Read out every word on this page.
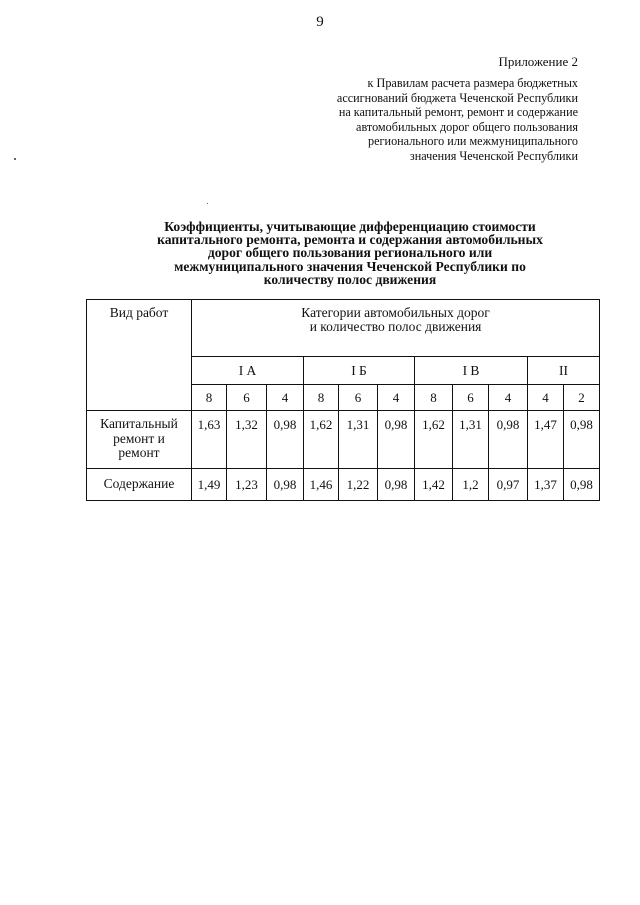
9
Приложение 2
к Правилам расчета размера бюджетных
ассигнований бюджета Чеченской Республики
на капитальный ремонт, ремонт и содержание
автомобильных дорог общего пользования
регионального или межмуниципального
значения Чеченской Республики
Коэффициенты, учитывающие дифференциацию стоимости
капитального ремонта, ремонта и содержания автомобильных
дорог общего пользования регионального или
межмуниципального значения Чеченской Республики по
количеству полос движения
Вид работ	Категории автомобильных дорог
и количество полос движения										

	I А			I Б			I В			II	
	8	6	4	8	6	4	8	6	4	4	2

Капитальный
ремонт и
ремонт	1,63	1,32	0,98	1,62	1,31	0,98	1,62	1,31	0,98	1,47	0,98

Содержание	1,49	1,23	0,98	1,46	1,22	0,98	1,42	1,2	0,97	1,37	0,98
